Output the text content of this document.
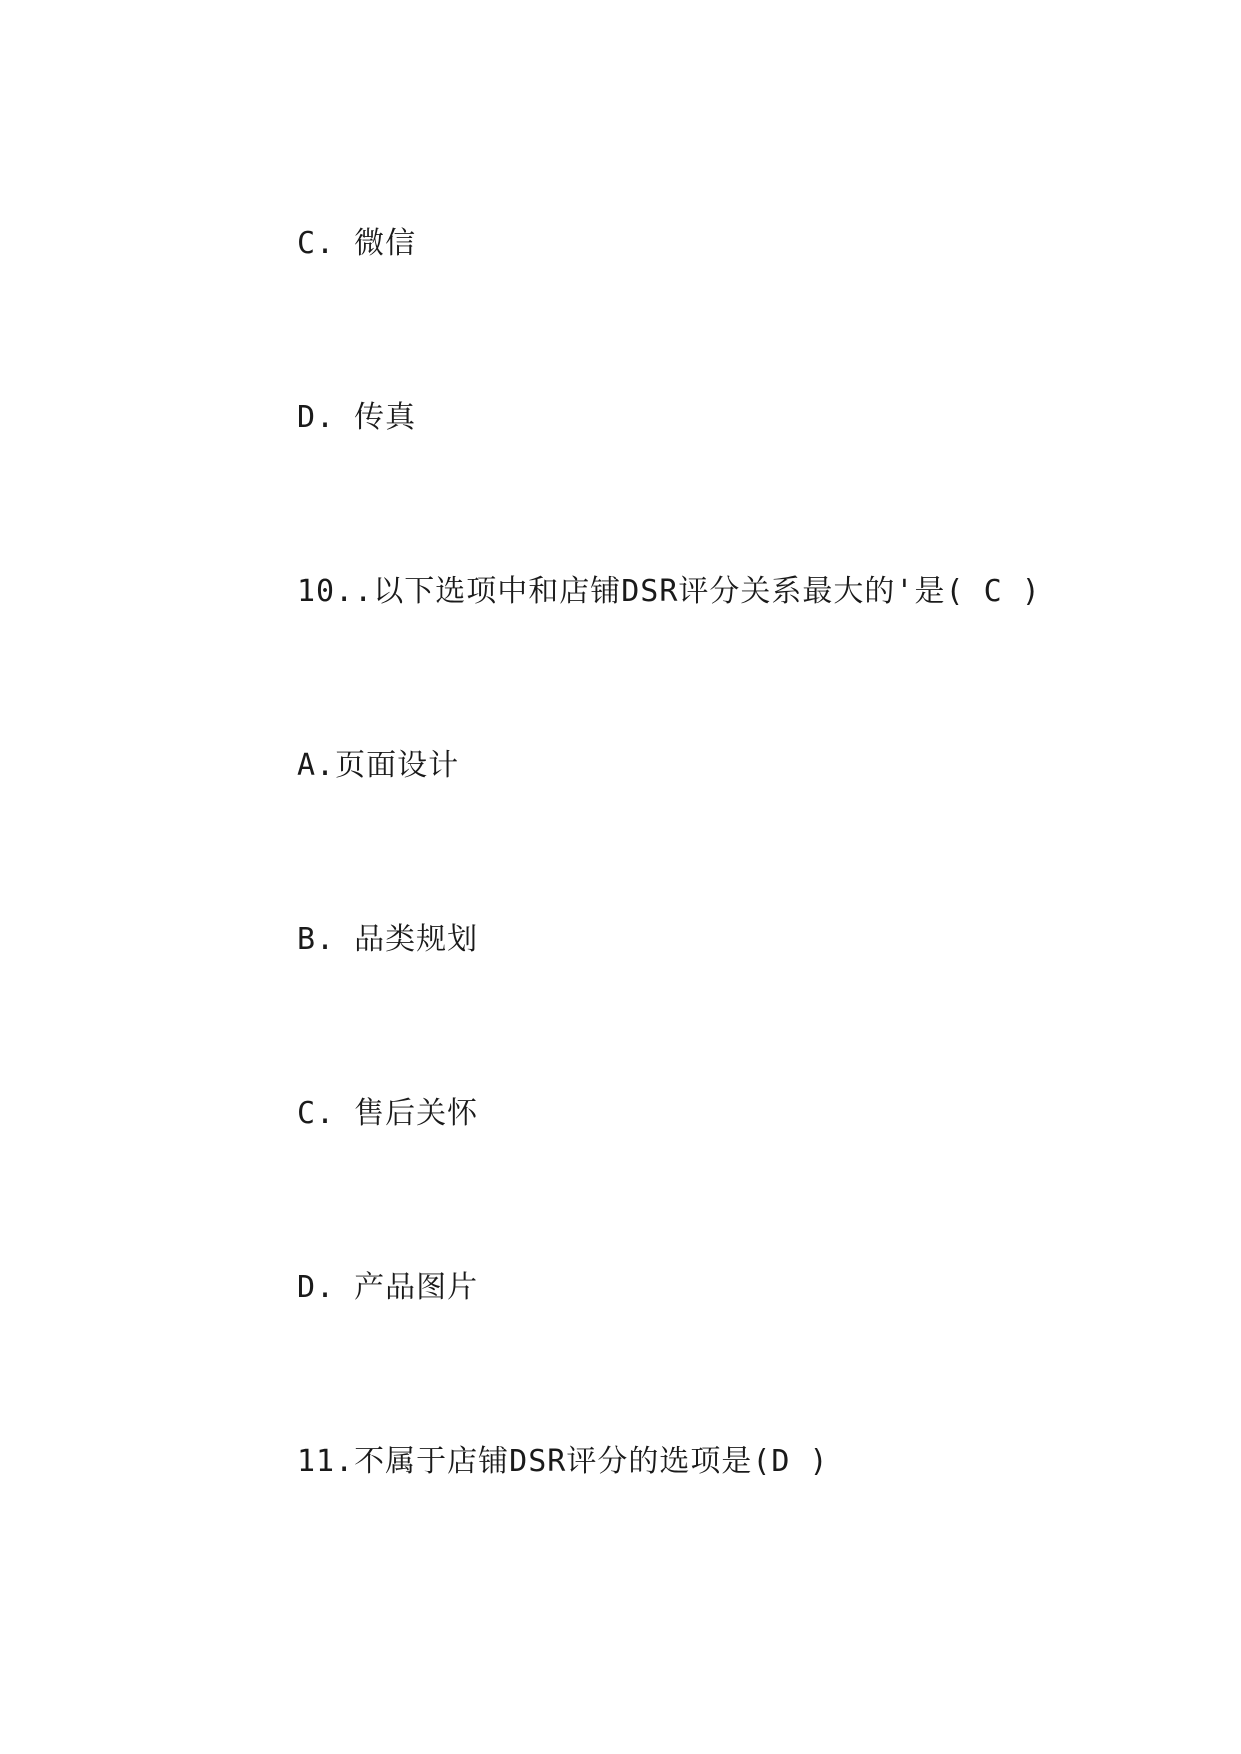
C. 微信

D. 传真

10..以下选项中和店铺DSR评分关系最大的'是( C )

A.页面设计

B. 品类规划

C. 售后关怀

D. 产品图片

11.不属于店铺DSR评分的选项是(D )
